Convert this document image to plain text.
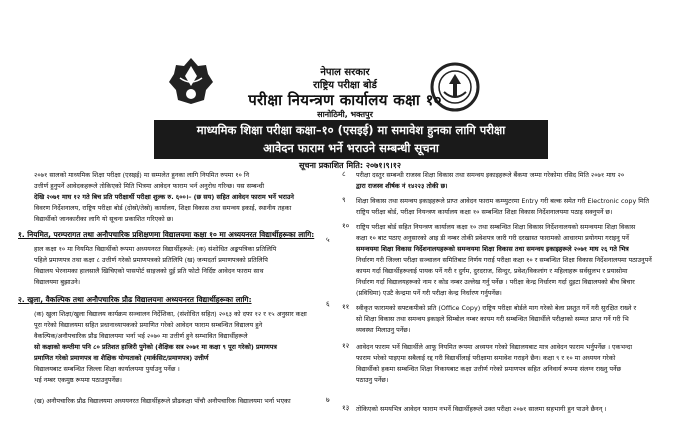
नेपाल सरकार
राष्ट्रिय परीक्षा बोर्ड
परीक्षा नियन्त्रण कार्यालय कक्षा १०
सानोठिमी, भक्तपुर
माध्यमिक शिक्षा परीक्षा कक्षा–१० (एसइई) मा समावेश हुनका लागि परीक्षा
आवेदन फाराम भर्ने भराउने सम्बन्धी सूचना
सूचना प्रकाशित मिति: २०७१।९।१२
२०७१ सालको माध्यमिक शिक्षा परीक्षा (एसइई) मा सम्मलेत हुनका लागि नियमित रुपमा १० नि
उत्तीर्ण हुनुपर्ने आवेदकहरूले तोकिएको मिति भित्रमा आवेदन फाराम भर्न अनुरोध गरिन्छ। यस सम्बन्धी
देखि २०७१ माघ १२ गते बिच प्रति परीक्षार्थी परीक्षा शुल्क रु. ६००।– (छ सय) सहित आवेदन फाराम भर्ने भराउने
विवरण निर्देशनालय, राष्ट्रिय परीक्षा बोर्ड (दोस्रो/तेस्रो) कार्यालय, शिक्षा विकास तथा समन्वय इकाई, स्थानीय तहका
विद्यार्थीको जानकारीका लागि यो सूचना प्रकाशित गरिएको छ।
१. नियमित, परम्परागत तथा अनौपचारिक प्रशिक्षणमा विद्यालयमा कक्षा १० मा अध्ययनरत विद्यार्थीहरूका लागि:
हाल कक्षा १० मा नियमित विद्यार्थीको रूपमा अध्ययनरत विद्यार्थीहरूले: (क) संशोधित अङ्कपत्रिका प्रतिलिपि
पहिले प्रमाणपत्र तथा कक्षा ८ उत्तीर्ण गरेको प्रमाणपत्रको प्रतिलिपि (ख) जन्मदर्ता प्रमाणपत्रको प्रतिलिपि
विद्यालय भेरनामका हालसालै खिचिएको पासपोर्ट साइजको दुई प्रति फोटो निर्दिष्ट आवेदन फाराम साथ
विद्यालयमा बुझाउने।
२. खुला, वैकल्पिक तथा अनौपचारिक प्रौढ विद्यालयमा अध्ययनरत विद्यार्थीहरूका लागि:
(क) खुला शिक्षा/खुला विद्यालय कार्यक्रम सञ्चालन निर्देशिका, (संशोधित सहित) २०६३ को दफा १२ र १५ अनुसार कक्षा
पूरा गरेको विद्यालयमा सहित प्रधानाध्यापकको प्रमाणित गरेको आवेदन फाराम सम्बन्धित विद्यालय हुने
वैकल्पिक/अनौपचारिक प्रौढ विद्यालयमा भर्ना भई २०७० मा उत्तीर्ण हुने सम्भावित विद्यार्थीहरूले
सो कक्षाको कम्तीमा पनि ८० प्रतिशत हाजिरी पुगेको (शैक्षिक सत्र २०७१ मा कक्षा ९ पूरा गरेको) प्रमाणपत्र
प्रमाणित गरेको प्रमाणपत्र वा शैक्षिक योग्यताको (मार्कसिट/प्रमाणपत्र) उत्तीर्ण
विद्यालयबाट सम्बन्धित जिल्ला शिक्षा कार्यालयमा पुर्याउनु पर्नेछ ।
भई नम्बर एकमुष्ठ रूपमा पठाउनुपर्नेछ।
(ख) अनौपचारिक प्रौढ विद्यालयमा अध्ययनरत विद्यार्थीहरूले प्रौढकक्षा पाँचौ अनौपचारिक विद्यालयमा भर्ना भएका
५
६
७
परीक्षा दस्तुर सम्बन्धी राजस्व शिक्षा विकास तथा समन्वय इकाइहरूले बैंकमा जम्मा गरेकोमा रसिद मिति २०७१ माघ २०
द्वारा राजस्व शीर्षक नं १४२२३ तोकी छ।
शिक्षा विकास तथा समन्वय इकाइहरूले प्राप्त आवेदन फाराम कम्प्युटरमा Entry गरी बल्क समेत गरी Electronic copy मिति
राष्ट्रिय परीक्षा बोर्ड, परीक्षा नियन्त्रण कार्यालय कक्षा १० सम्बन्धित शिक्षा विकास निर्देशनालयमा पठाइ सक्नुपर्ने छ।
राष्ट्रिय परीक्षा बोर्ड सहित नियन्त्रण कार्यालय कक्षा १० तथा सम्बन्धित शिक्षा विकास निर्देशनालयको समन्वयमा शिक्षा विकास
कक्षा १० बाट पठाए अनुसारको आइ डी नम्बर तोकी प्रवेशपत्र जारी गरी दरखास्त फारामको आधारमा प्रयोगमा गराइनु पर्ने
समन्वयमा शिक्षा विकास निर्देशनालयहरूको समन्वयमा शिक्षा विकास तथा समन्वय इकाइहरूले २०७१ माघ २६ गते भित्र
निर्धारण गरी जिल्ला परीक्षा सञ्चालन समितिबाट निर्णय गराई परीक्षा कक्षा १० र सम्बन्धित शिक्षा विकास निर्देशनालयमा पठाउनुपर्ने
कायम गर्दा विद्यार्थीहरूलाई पायक पर्ने गरी र दुर्गम, दुरदराज, सिन्दुर, प्रवेश/विकलांग र महिलाहरू सर्वसुलभ र प्रयासोमा
निर्धारण गर्दा विद्यालयहरूको नाम र कोड नम्बर उल्लेख गर्नु पर्नेछ । परीक्षा केन्द्र निर्धारण गर्दा दुइटा विद्यालयको बीच बिचार
(प्रविधिमा) एउटै केन्द्रमा पर्ने गरी परीक्षा केन्द्र निर्धारण गर्नुपर्नेछ।
स्वीकृत फारामको सफ्टकपीको प्रति (Office Copy) राष्ट्रिय परीक्षा बोर्डले माग गरेको बेला प्रस्तुत गर्ने गरी सुरक्षित राख्ने र
सो शिक्षा विकास तथा समन्वय इकाइले सिम्बोल नम्बर कायम गरी सम्बन्धित विद्यार्थीले परीक्षाको सम्मत प्राप्त गर्ने गरी भि
व्यवस्था मिलाउनु पर्नेछ।
आवेदन फाराम भर्ने विद्यार्थीले आफू नियमित रूपमा अध्ययन गरेको विद्यालयबाट मात्र आवेदन फाराम भर्नुपर्नेछ । एकभन्दा
फाराम भरेको पाइएमा सबैलाई रद्द गरी विद्यार्थीलाई परीक्षामा समावेश गराइने छैन। कक्षा ९ र १० मा अध्ययन गरेको
विद्यार्थीको हकमा सम्बन्धित शिक्षा निकायबाट कक्षा उत्तीर्ण गरेको प्रमाणपत्र सहित अनिवार्य रूपमा संलग्न राख्नु पर्नेछ
पठाउनु पर्नेछ।
तोकिएको समयभित्र आवेदन फाराम नभर्ने विद्यार्थीहरूले उक्त परीक्षा २०७१ सालमा सहभागी हुन पाउने छैनन् ।
८
९
१०
११
१२
१३
